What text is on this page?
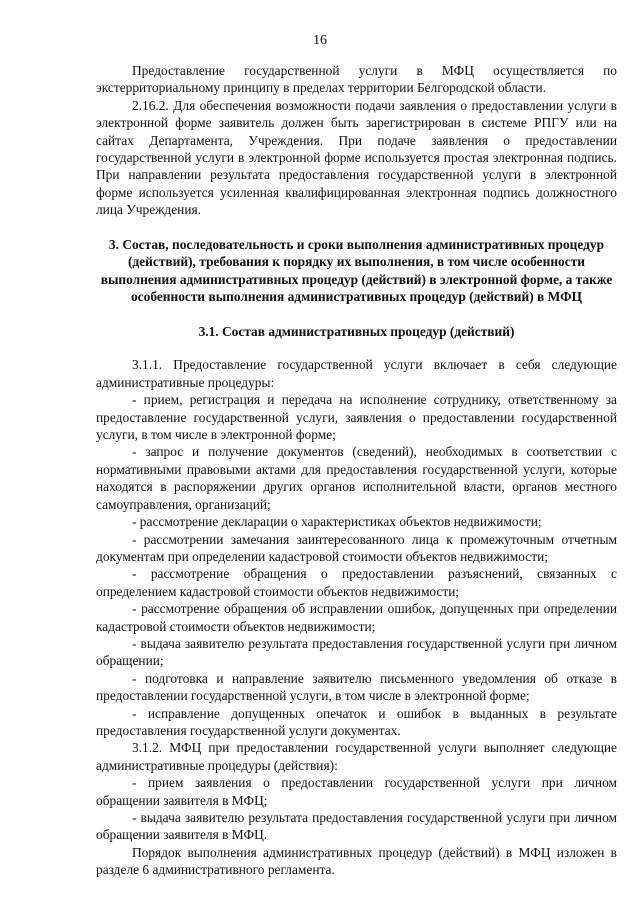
16

Предоставление государственной услуги в МФЦ осуществляется по экстерриториальному принципу в пределах территории Белгородской области.

2.16.2. Для обеспечения возможности подачи заявления о предоставлении услуги в электронной форме заявитель должен быть зарегистрирован в системе РПГУ или на сайтах Департамента, Учреждения. При подаче заявления о предоставлении государственной услуги в электронной форме используется простая электронная подпись. При направлении результата предоставления государственной услуги в электронной форме используется усиленная квалифицированная электронная подпись должностного лица Учреждения.

3. Состав, последовательность и сроки выполнения административных процедур (действий), требования к порядку их выполнения, в том числе особенности выполнения административных процедур (действий) в электронной форме, а также особенности выполнения административных процедур (действий) в МФЦ

3.1. Состав административных процедур (действий)

3.1.1. Предоставление государственной услуги включает в себя следующие административные процедуры:

- прием, регистрация и передача на исполнение сотруднику, ответственному за предоставление государственной услуги, заявления о предоставлении государственной услуги, в том числе в электронной форме;

- запрос и получение документов (сведений), необходимых в соответствии с нормативными правовыми актами для предоставления государственной услуги, которые находятся в распоряжении других органов исполнительной власти, органов местного самоуправления, организаций;

- рассмотрение декларации о характеристиках объектов недвижимости;

- рассмотрении замечания заинтересованного лица к промежуточным отчетным документам при определении кадастровой стоимости объектов недвижимости;

- рассмотрение обращения о предоставлении разъяснений, связанных с определением кадастровой стоимости объектов недвижимости;

- рассмотрение обращения об исправлении ошибок, допущенных при определении кадастровой стоимости объектов недвижимости;

- выдача заявителю результата предоставления государственной услуги при личном обращении;

- подготовка и направление заявителю письменного уведомления об отказе в предоставлении государственной услуги, в том числе в электронной форме;

- исправление допущенных опечаток и ошибок в выданных в результате предоставления государственной услуги документах.

3.1.2. МФЦ при предоставлении государственной услуги выполняет следующие административные процедуры (действия):

- прием заявления о предоставлении государственной услуги при личном обращении заявителя в МФЦ;

- выдача заявителю результата предоставления государственной услуги при личном обращении заявителя в МФЦ.

Порядок выполнения административных процедур (действий) в МФЦ изложен в разделе 6 административного регламента.
